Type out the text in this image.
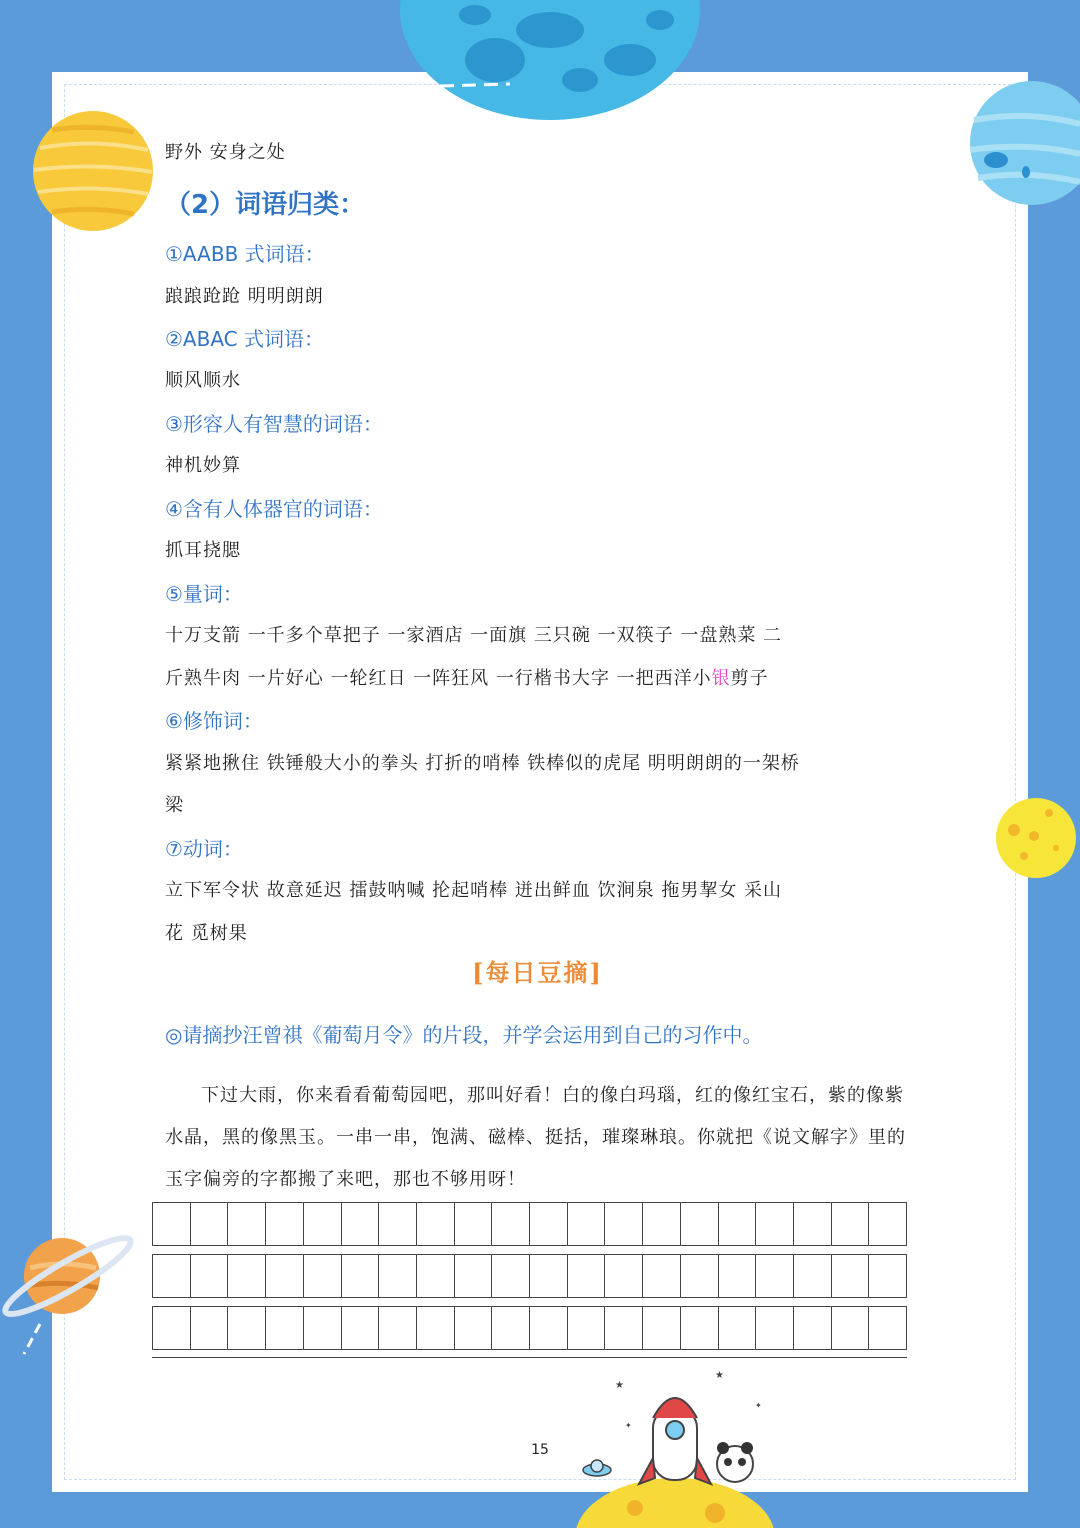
★
★
✦
✦
野外 安身之处
（2）词语归类：
①AABB 式词语：
踉踉跄跄 明明朗朗
②ABAC 式词语：
顺风顺水
③形容人有智慧的词语：
神机妙算
④含有人体器官的词语：
抓耳挠腮
⑤量词：
十万支箭 一千多个草把子 一家酒店 一面旗 三只碗 一双筷子 一盘熟菜 二
斤熟牛肉 一片好心 一轮红日 一阵狂风 一行楷书大字 一把西洋小银剪子
⑥修饰词：
紧紧地揪住 铁锤般大小的拳头 打折的哨棒 铁棒似的虎尾 明明朗朗的一架桥
梁
⑦动词：
立下军令状 故意延迟 擂鼓呐喊 抡起哨棒 迸出鲜血 饮涧泉 拖男挈女 采山
花 觅树果
[每日豆摘]
◎请摘抄汪曾祺《葡萄月令》的片段，并学会运用到自己的习作中。
下过大雨，你来看看葡萄园吧，那叫好看！白的像白玛瑙，红的像红宝石，紫的像紫水晶，黑的像黑玉。一串一串，饱满、磁棒、挺括，璀璨琳琅。你就把《说文解字》里的玉字偏旁的字都搬了来吧，那也不够用呀！
15
